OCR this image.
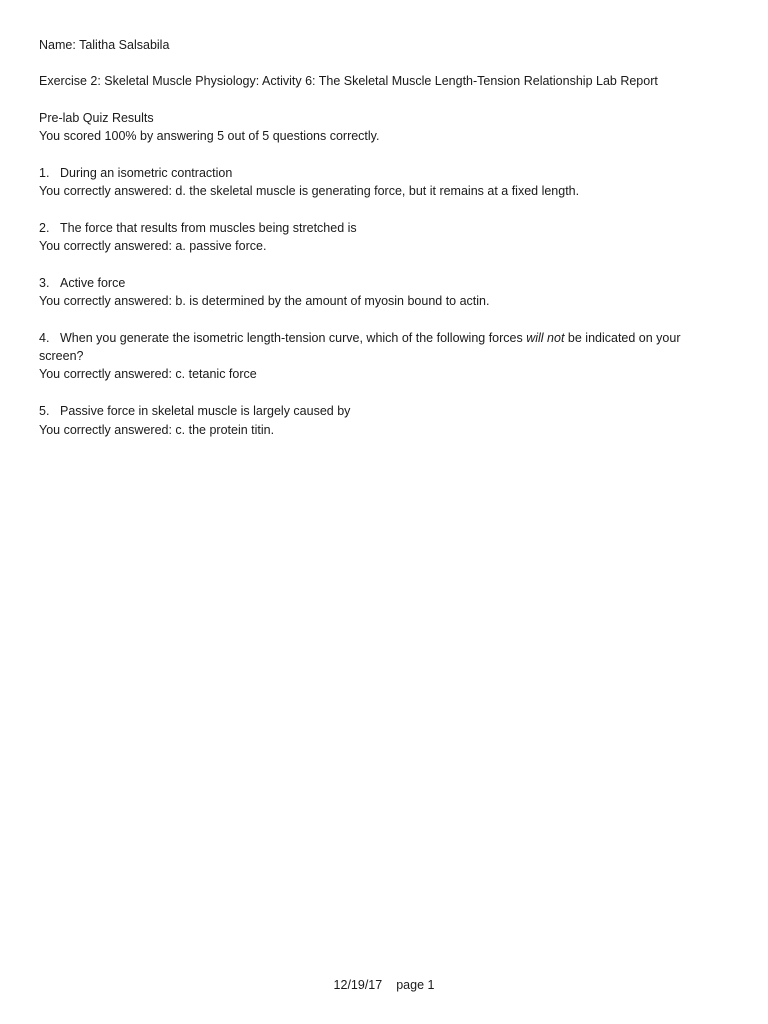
Name: Talitha Salsabila
Exercise 2: Skeletal Muscle Physiology: Activity 6: The Skeletal Muscle Length-Tension Relationship Lab Report
Pre-lab Quiz Results
You scored 100% by answering 5 out of 5 questions correctly.
1. During an isometric contraction
You correctly answered: d. the skeletal muscle is generating force, but it remains at a fixed length.
2. The force that results from muscles being stretched is
You correctly answered: a. passive force.
3. Active force
You correctly answered: b. is determined by the amount of myosin bound to actin.
4. When you generate the isometric length-tension curve, which of the following forces will not be indicated on your screen?
You correctly answered: c. tetanic force
5. Passive force in skeletal muscle is largely caused by
You correctly answered: c. the protein titin.
12/19/17 page 1
